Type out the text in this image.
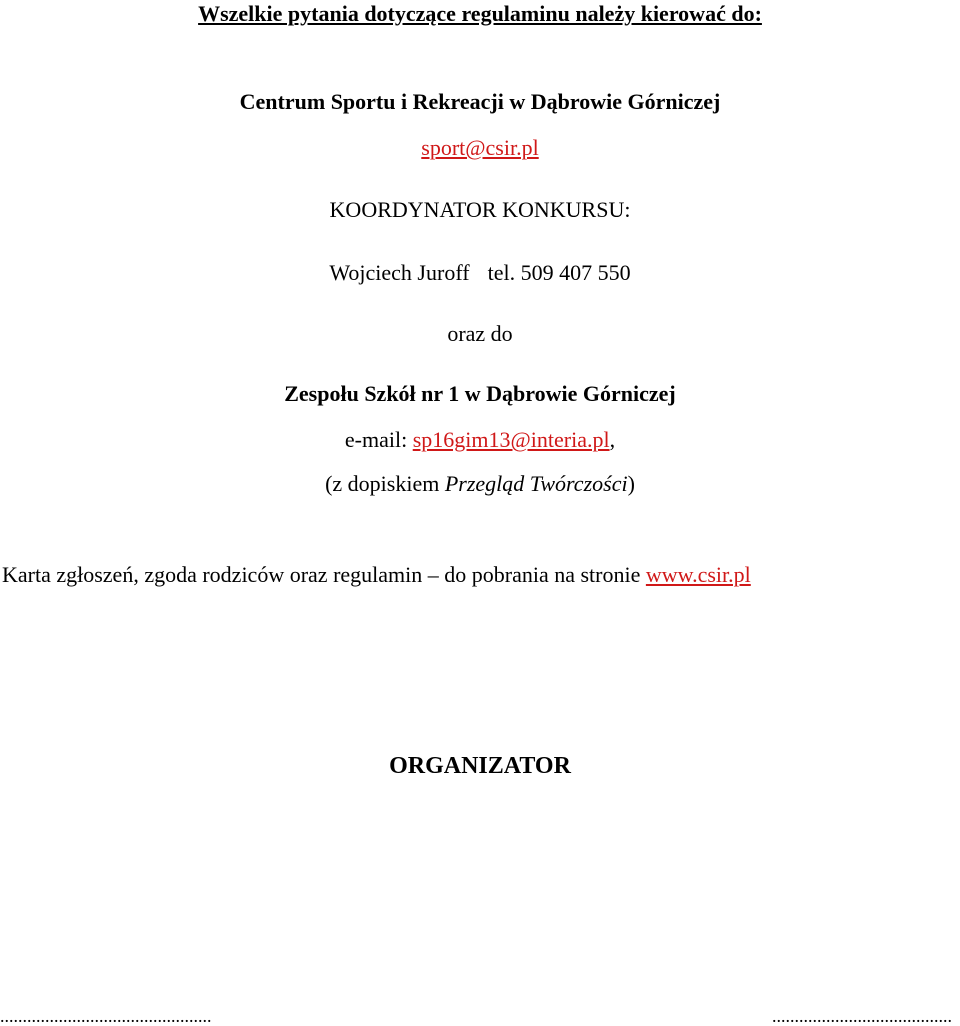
Wszelkie pytania dotyczące regulaminu należy kierować do:
Centrum Sportu i Rekreacji w Dąbrowie Górniczej
sport@csir.pl
KOORDYNATOR KONKURSU:
Wojciech Juroff tel. 509 407 550
oraz do
Zespołu Szkół nr 1 w Dąbrowie Górniczej
e-mail: sp16gim13@interia.pl,
(z dopiskiem Przegląd Twórczości)
Karta zgłoszeń, zgoda rodziców oraz regulamin – do pobrania na stronie www.csir.pl
ORGANIZATOR
...............................................	........................................
